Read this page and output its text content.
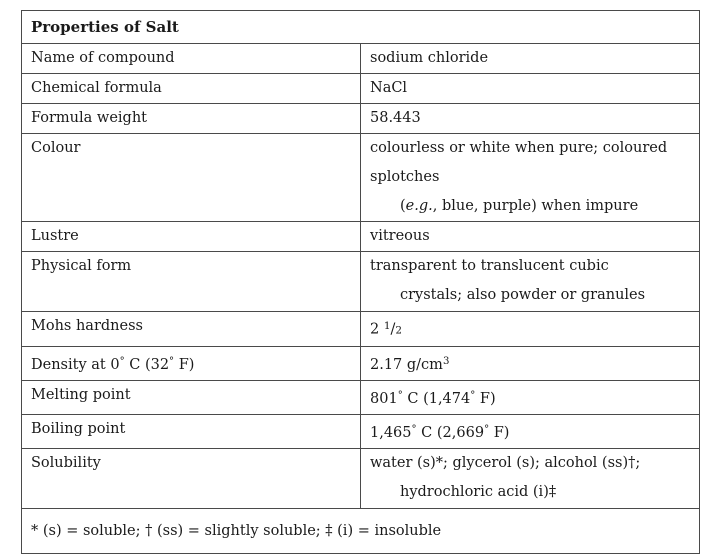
Properties of Salt	
Name of compound	sodium chloride
Chemical formula	NaCl
Formula weight	58.443
Colour	colourless or white when pure; coloured splotches
(e.g., blue, purple) when impure

Lustre	vitreous
Physical form	transparent to translucent cubic
crystals; also powder or granules

Mohs hardness	2 $^1$/2
Density at 0° C (32° F)	2.17 $g/cm^3$
Melting point	801° C (1,474° F)
Boiling point	1,465° C (2,669° F)
Solubility	water (s)*; glycerol (s); alcohol (ss)†;
hydrochloric acid (i)‡

* (s) = soluble; † (ss) = slightly soluble; ‡ (i) = insoluble	
